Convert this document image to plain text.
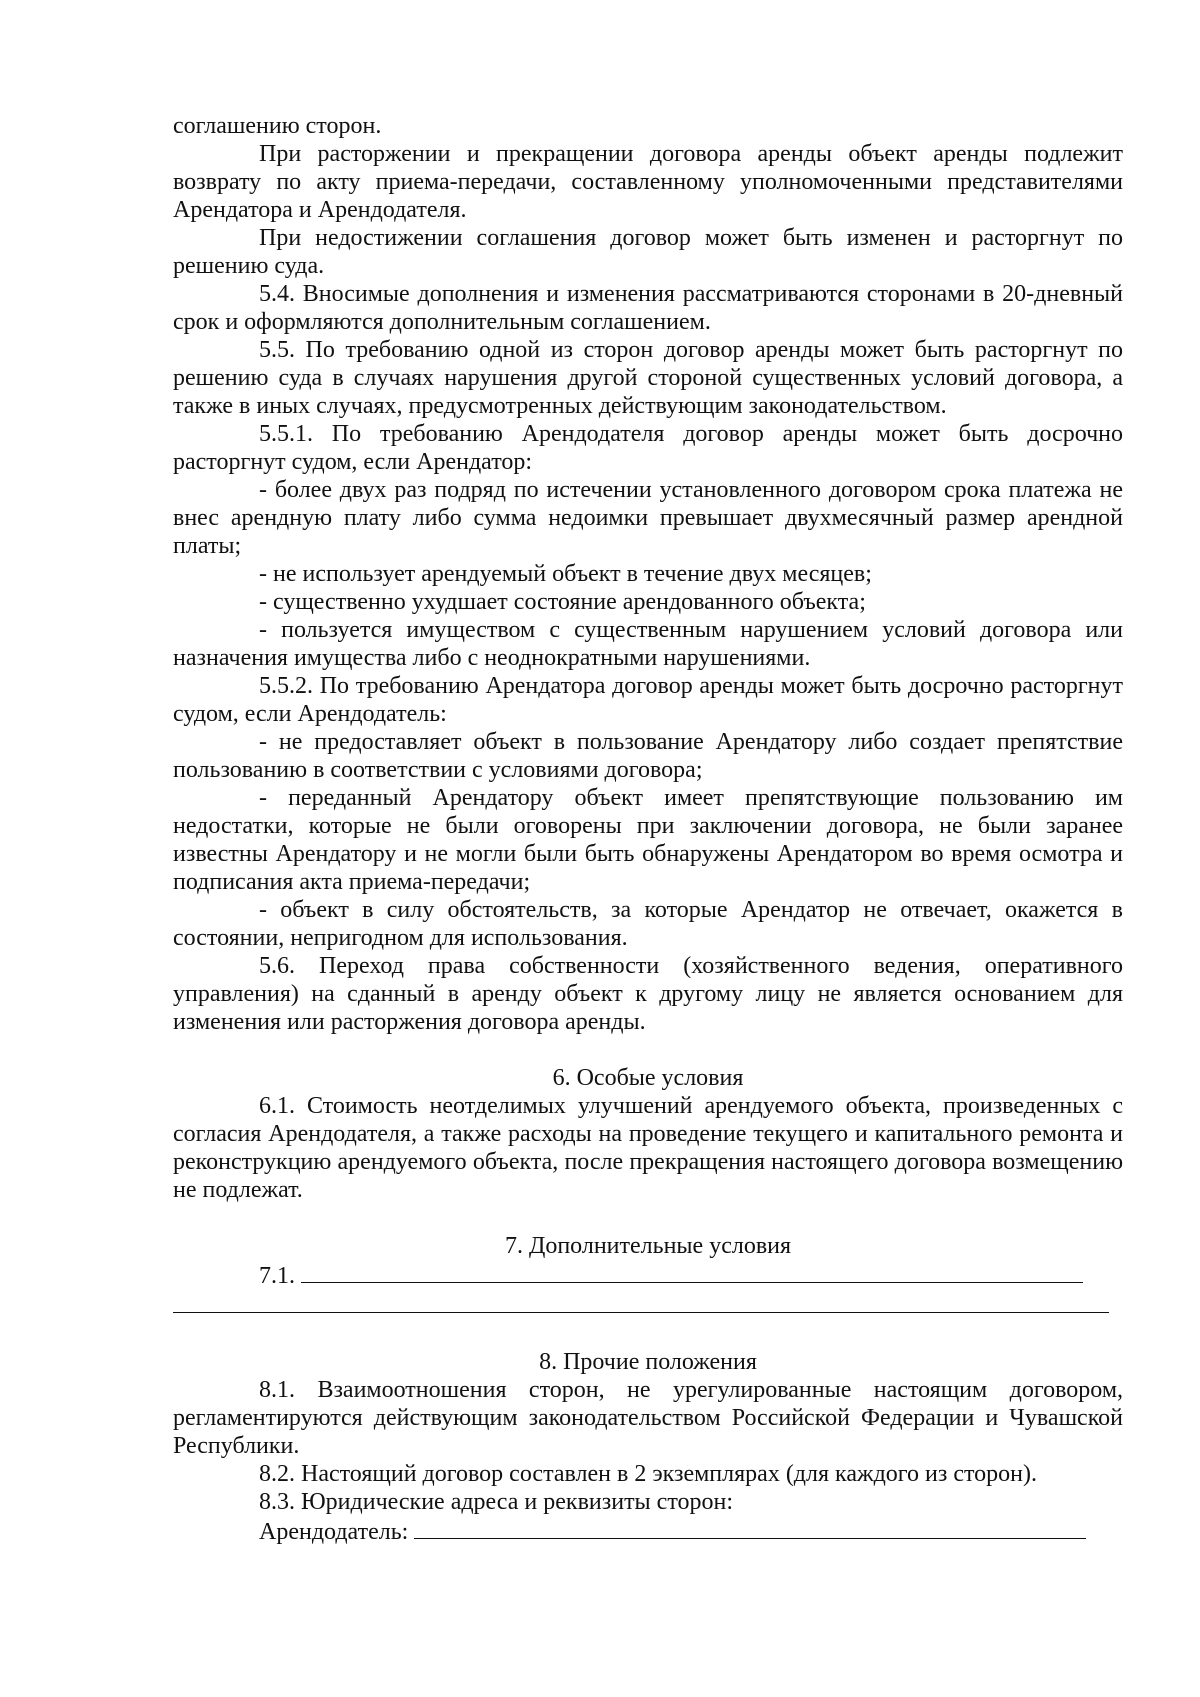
соглашению сторон.

При расторжении и прекращении договора аренды объект аренды подлежит возврату по акту приема-передачи, составленному уполномоченными представителями Арендатора и Арендодателя.

При недостижении соглашения договор может быть изменен и расторгнут по решению суда.

5.4. Вносимые дополнения и изменения рассматриваются сторонами в 20-дневный срок и оформляются дополнительным соглашением.

5.5. По требованию одной из сторон договор аренды может быть расторгнут по решению суда в случаях нарушения другой стороной существенных условий договора, а также в иных случаях, предусмотренных действующим законодательством.

5.5.1. По требованию Арендодателя договор аренды может быть досрочно расторгнут судом, если Арендатор:

- более двух раз подряд по истечении установленного договором срока платежа не внес арендную плату либо сумма недоимки превышает двухмесячный размер арендной платы;

- не использует арендуемый объект в течение двух месяцев;

- существенно ухудшает состояние арендованного объекта;

- пользуется имуществом с существенным нарушением условий договора или назначения имущества либо с неоднократными нарушениями.

5.5.2. По требованию Арендатора договор аренды может быть досрочно расторгнут судом, если Арендодатель:

- не предоставляет объект в пользование Арендатору либо создает препятствие пользованию в соответствии с условиями договора;

- переданный Арендатору объект имеет препятствующие пользованию им недостатки, которые не были оговорены при заключении договора, не были заранее известны Арендатору и не могли были быть обнаружены Арендатором во время осмотра и подписания акта приема-передачи;

- объект в силу обстоятельств, за которые Арендатор не отвечает, окажется в состоянии, непригодном для использования.

5.6. Переход права собственности (хозяйственного ведения, оперативного управления) на сданный в аренду объект к другому лицу не является основанием для изменения или расторжения договора аренды.

6. Особые условия

6.1. Стоимость неотделимых улучшений арендуемого объекта, произведенных с согласия Арендодателя, а также расходы на проведение текущего и капитального ремонта и реконструкцию арендуемого объекта, после прекращения настоящего договора возмещению не подлежат.

7. Дополнительные условия

7.1.

8. Прочие положения

8.1. Взаимоотношения сторон, не урегулированные настоящим договором, регламентируются действующим законодательством Российской Федерации и Чувашской Республики.

8.2. Настоящий договор составлен в 2 экземплярах (для каждого из сторон).

8.3. Юридические адреса и реквизиты сторон:

Арендодатель:
